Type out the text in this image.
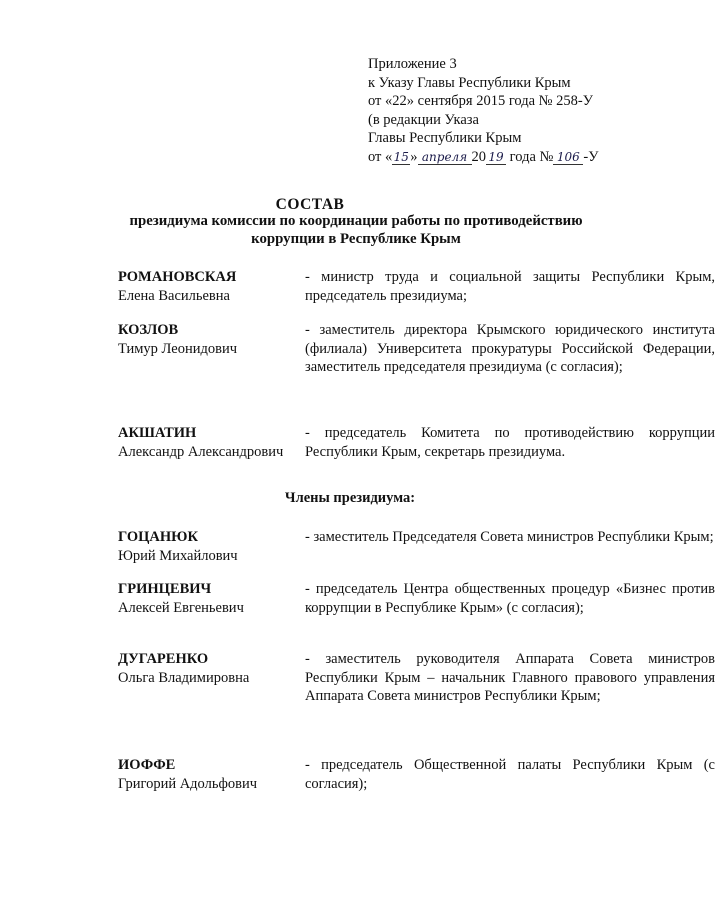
Приложение 3
к Указу Главы Республики Крым
от «22» сентября 2015 года № 258-У
(в редакции Указа
Главы Республики Крым
от «15» апреля 20 19 года № 106 -У
СОСТАВ
президиума комиссии по координации работы по противодействию коррупции в Республике Крым
РОМАНОВСКАЯ
Елена Васильевна
- министр труда и социальной защиты Республики Крым, председатель президиума;
КОЗЛОВ
Тимур Леонидович
- заместитель директора Крымского юридического института (филиала) Университета прокуратуры Российской Федерации, заместитель председателя президиума (с согласия);
АКШАТИН
Александр Александрович
- председатель Комитета по противодействию коррупции Республики Крым, секретарь президиума.
Члены президиума:
ГОЦАНЮК
Юрий Михайлович
- заместитель Председателя Совета министров Республики Крым;
ГРИНЦЕВИЧ
Алексей Евгеньевич
- председатель Центра общественных процедур «Бизнес против коррупции в Республике Крым» (с согласия);
ДУГАРЕНКО
Ольга Владимировна
- заместитель руководителя Аппарата Совета министров Республики Крым – начальник Главного правового управления Аппарата Совета министров Республики Крым;
ИОФФЕ
Григорий Адольфович
- председатель Общественной палаты Республики Крым (с согласия);
